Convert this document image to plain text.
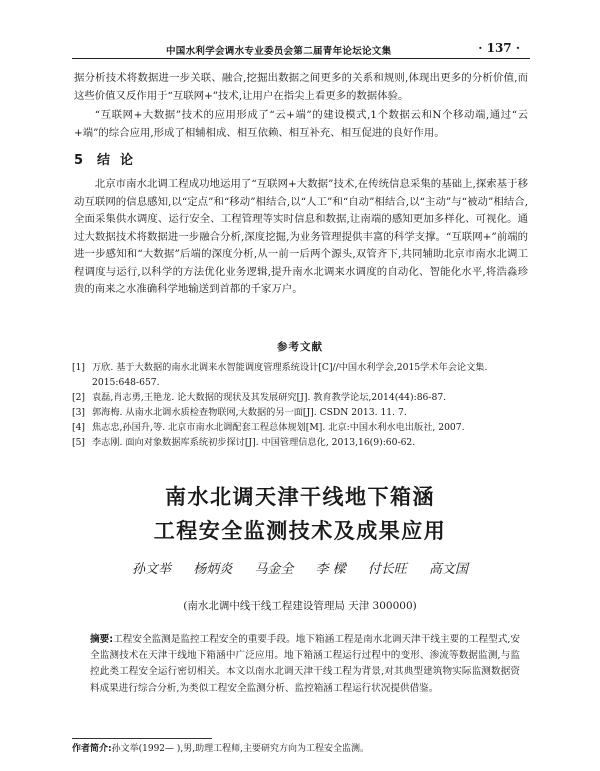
中国水利学会调水专业委员会第二届青年论坛论文集	· 137 ·

据分析技术将数据进一步关联、融合,挖掘出数据之间更多的关系和规则,体现出更多的分析价值,而这些价值又反作用于“互联网+”技术,让用户在指尖上看更多的数据体验。

“互联网+大数据”技术的应用形成了“云+端”的建设模式,1个数据云和N个移动端,通过“云+端”的综合应用,形成了相辅相成、相互依赖、相互补充、相互促进的良好作用。

5 结论

北京市南水北调工程成功地运用了“互联网+大数据”技术,在传统信息采集的基础上,探索基于移动互联网的信息感知,以“定点”和“移动”相结合,以“人工”和“自动”相结合,以“主动”与“被动”相结合,全面采集供水调度、运行安全、工程管理等实时信息和数据,让南端的感知更加多样化、可视化。通过大数据技术将数据进一步融合分析,深度挖掘,为业务管理提供丰富的科学支撑。“互联网+”前端的进一步感知和“大数据”后端的深度分析,从一前一后两个源头,双管齐下,共同辅助北京市南水北调工程调度与运行,以科学的方法优化业务逻辑,提升南水北调来水调度的自动化、智能化水平,将浩淼珍贵的南来之水准确科学地输送到首都的千家万户。

参考文献
[1] 万欣. 基于大数据的南水北调来水智能调度管理系统设计[C]//中国水利学会,2015学术年会论文集. 2015:648-657.
[2] 袁磊,肖志勇,王艳龙. 论大数据的现状及其发展研究[J]. 教育教学论坛,2014(44):86-87.
[3] 郭海梅. 从南水北调水质检查物联网,大数据的另一面[J]. CSDN 2013. 11. 7.
[4] 焦志忠,孙国升,等. 北京市南水北调配套工程总体规划[M]. 北京:中国水利水电出版社, 2007.
[5] 李志刚. 面向对象数据库系统初步探讨[J]. 中国管理信息化, 2013,16(9):60-62.
南水北调天津干线地下箱涵
工程安全监测技术及成果应用
孙文举 杨炳炎 马金全 李 樑 付长旺 高文国
(南水北调中线干线工程建设管理局 天津 300000)

摘要:工程安全监测是监控工程安全的重要手段。地下箱涵工程是南水北调天津干线主要的工程型式,安全监测技术在天津干线地下箱涵中广泛应用。地下箱涵工程运行过程中的变形、渗流等数据监测,与监控此类工程安全运行密切相关。本文以南水北调天津干线工程为背景,对其典型建筑物实际监测数据资料成果进行综合分析,为类似工程安全监测分析、监控箱涵工程运行状况提供借鉴。

作者简介:孙文举(1992— ),男,助理工程师,主要研究方向为工程安全监测。
